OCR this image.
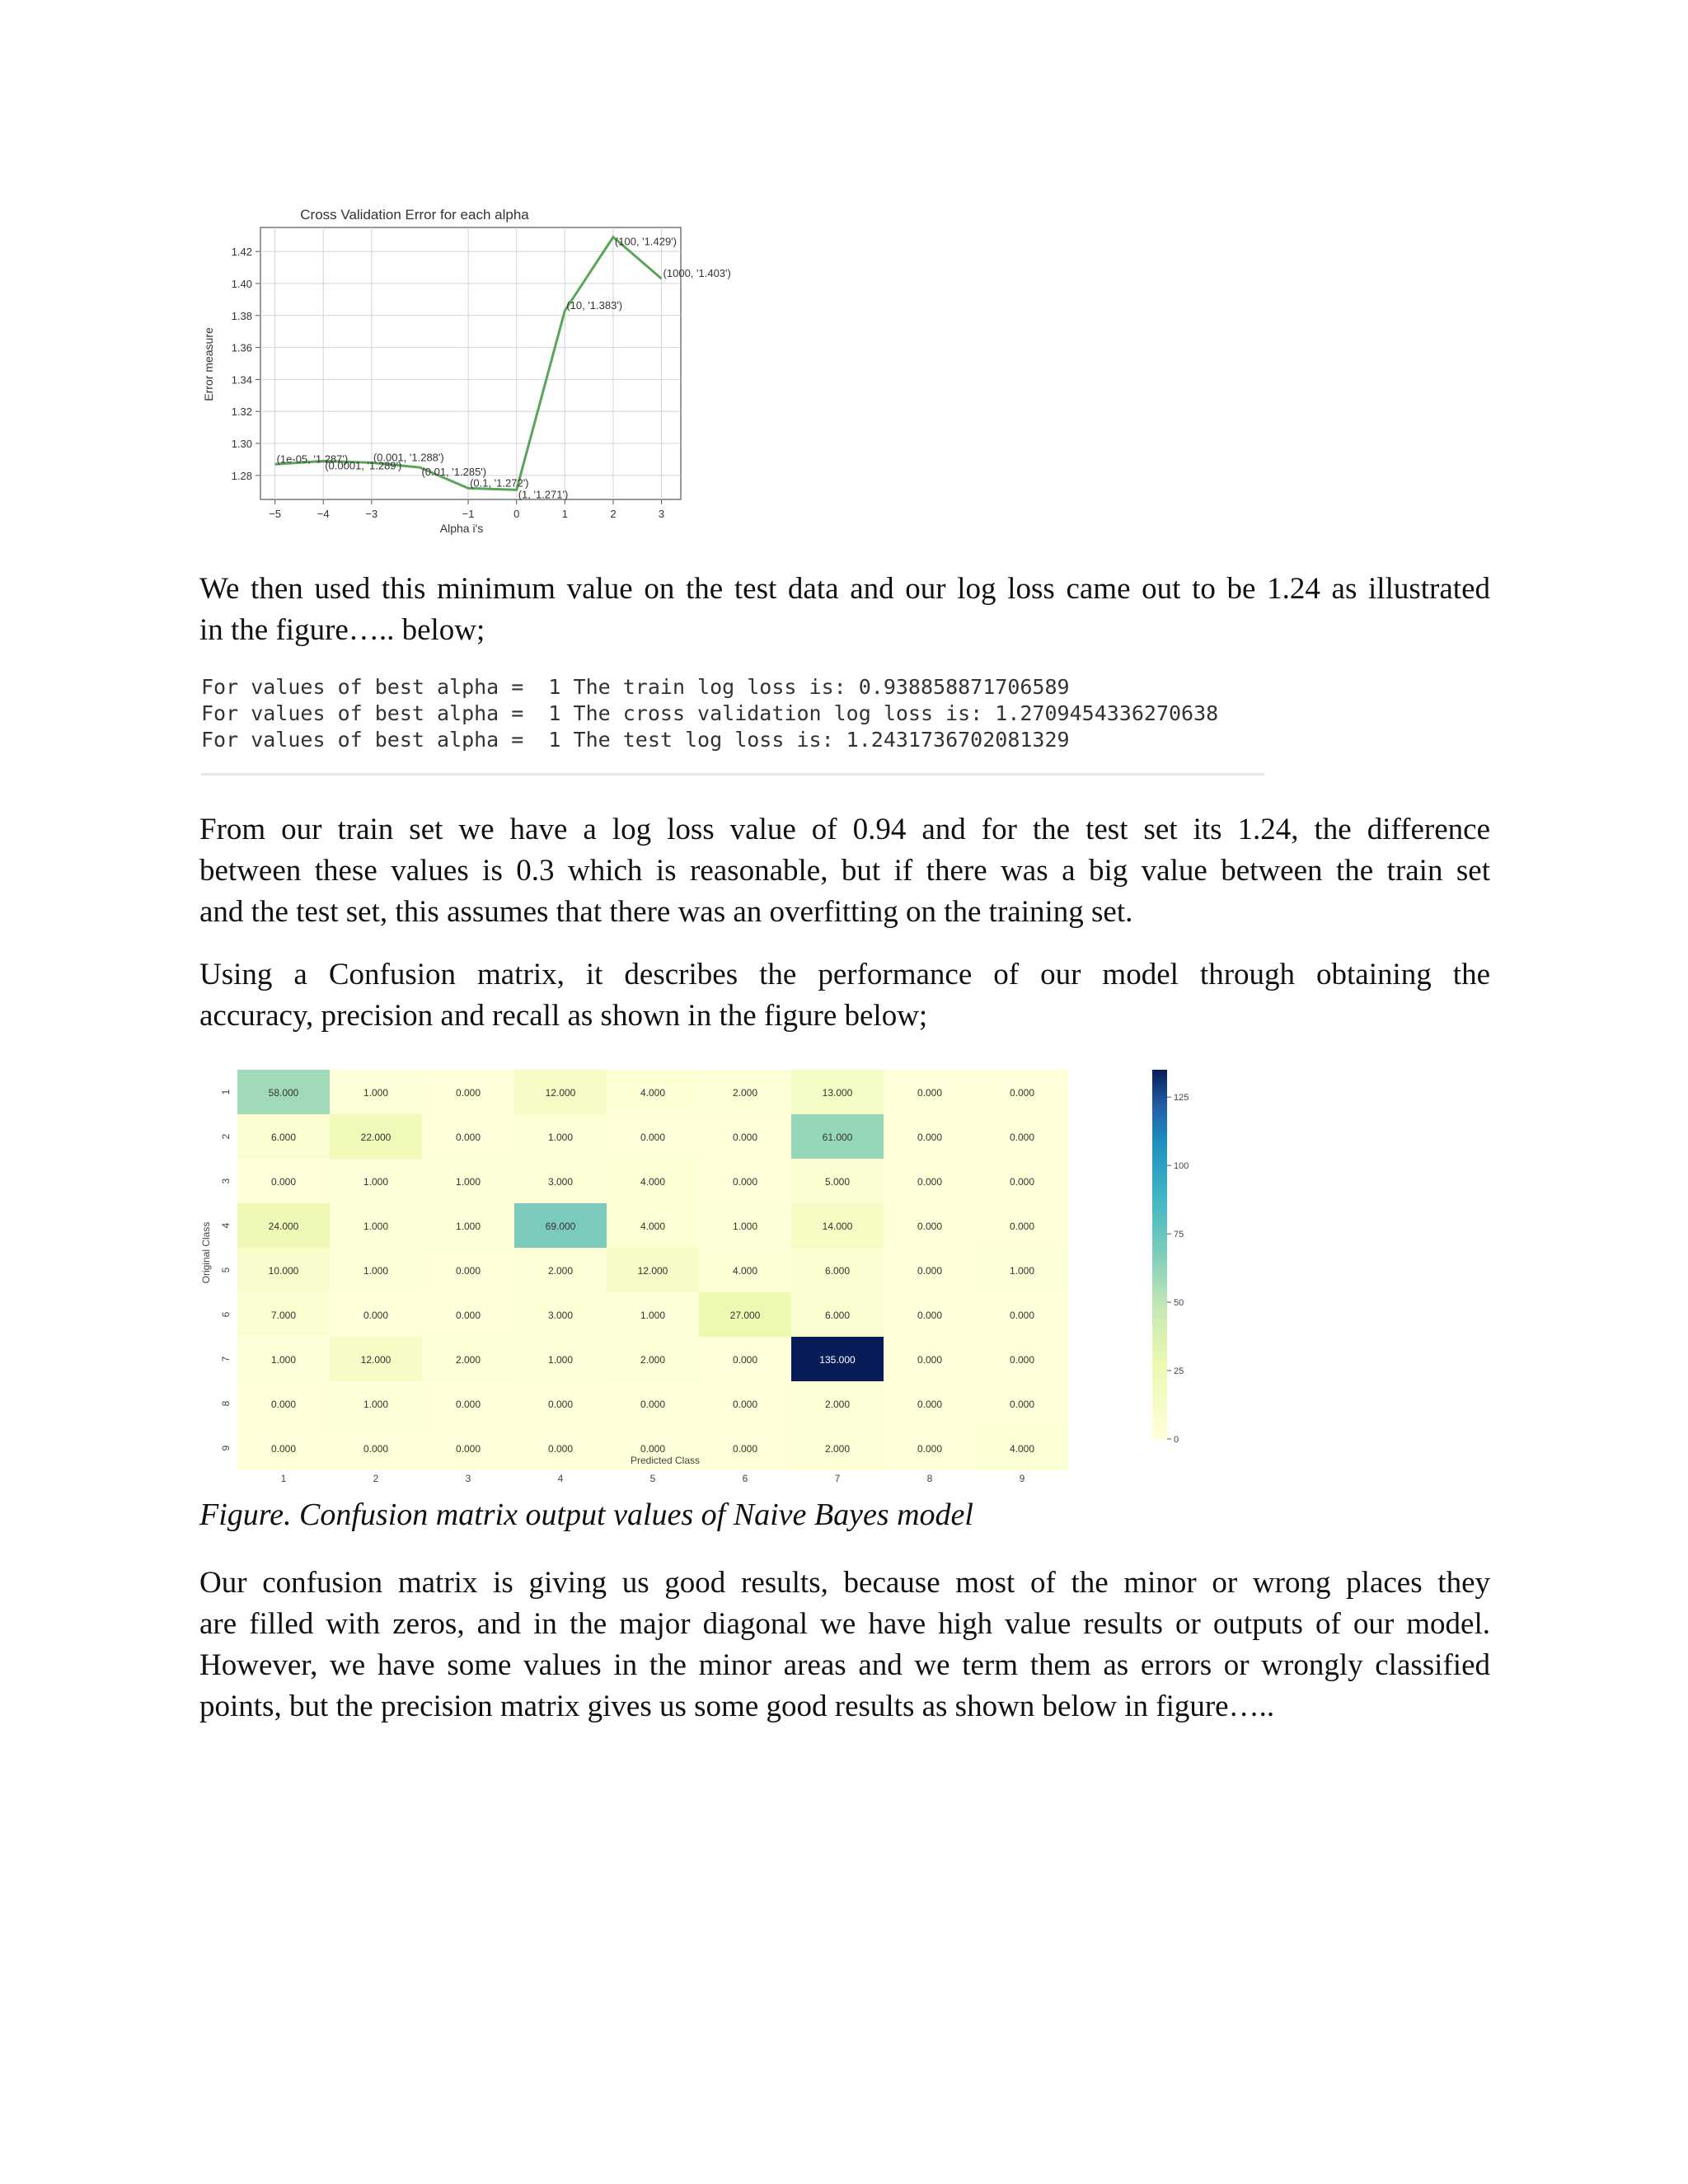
Cross Validation Error for each alpha
Alpha i's
Error measure
−5	−4	−3	−1	0	1	2	3
1.28
1.30
1.32
1.34
1.36
1.38
1.40
1.42
(1e-05, '1.287')
(0.0001, '1.289')
(0.001, '1.288')
(0.01, '1.285')
(0.1, '1.272')
(1, '1.271')
(10, '1.383')
(100, '1.429')
(1000, '1.403')

We then used this minimum value on the test data and our log loss came out to be 1.24 as illustrated
in the figure….. below;

For values of best alpha =  1 The train log loss is: 0.938858871706589
For values of best alpha =  1 The cross validation log loss is: 1.2709454336270638
For values of best alpha =  1 The test log loss is: 1.2431736702081329

From our train set we have a log loss value of 0.94 and for the test set its 1.24, the difference
between these values is 0.3 which is reasonable, but if there was a big value between the train set
and the test set, this assumes that there was an overfitting on the training set.

Using a Confusion matrix, it describes the performance of our model through obtaining the
accuracy, precision and recall as shown in the figure below;

58.000	1.000	0.000	12.000	4.000	2.000	13.000	0.000	0.000
6.000	22.000	0.000	1.000	0.000	0.000	61.000	0.000	0.000
0.000	1.000	1.000	3.000	4.000	0.000	5.000	0.000	0.000
24.000	1.000	1.000	69.000	4.000	1.000	14.000	0.000	0.000
10.000	1.000	0.000	2.000	12.000	4.000	6.000	0.000	1.000
7.000	0.000	0.000	3.000	1.000	27.000	6.000	0.000	0.000
1.000	12.000	2.000	1.000	2.000	0.000	135.000	0.000	0.000
0.000	1.000	0.000	0.000	0.000	0.000	2.000	0.000	0.000
0.000	0.000	0.000	0.000	0.000	0.000	2.000	0.000	4.000
1	2	3	4	5	6	7	8	9
1
2
3
4
5
6
7
8
9
Predicted Class
Original Class
0
25
50
75
100
125
Figure. Confusion matrix output values of Naive Bayes model

Our confusion matrix is giving us good results, because most of the minor or wrong places they
are filled with zeros, and in the major diagonal we have high value results or outputs of our model.
However, we have some values in the minor areas and we term them as errors or wrongly classified
points, but the precision matrix gives us some good results as shown below in figure…..
